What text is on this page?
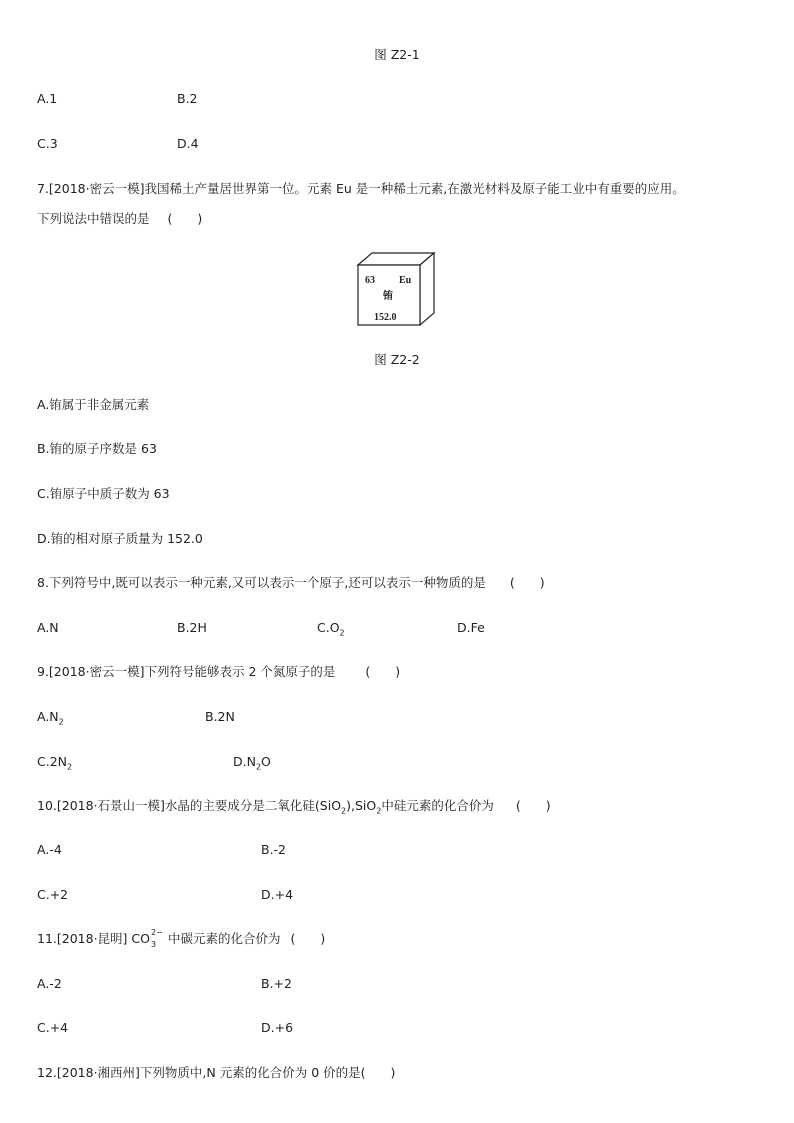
图 Z2-1
A.1	B.2
C.3	D.4
7.[2018·密云一模]我国稀土产量居世界第一位。元素 Eu 是一种稀土元素,在激光材料及原子能工业中有重要的应用。
下列说法中错误的是 (　　)
63 Eu
铕
152.0
图 Z2-2
A.铕属于非金属元素
B.铕的原子序数是 63
C.铕原子中质子数为 63
D.铕的相对原子质量为 152.0
8.下列符号中,既可以表示一种元素,又可以表示一个原子,还可以表示一种物质的是 (　　)
A.N	B.2H	$C.O_2$	D.Fe
9.[2018·密云一模]下列符号能够表示 2 个氮原子的是 (　　)
$A.N_2$	B.2N
$C.2N_2$	$D.N_2O$
10.[2018·石景山一模]水晶的主要成分是二氧化硅(SiO$_2$),SiO$_2$中硅元素的化合价为 (　　)
A.-4	B.-2
C.+2	D.+4
11.[2018·昆明] CO 2−
3 中碳元素的化合价为 (　　)
A.-2	B.+2
C.+4	D.+6
12.[2018·湘西州]下列物质中,N 元素的化合价为 0 价的是(　　)
